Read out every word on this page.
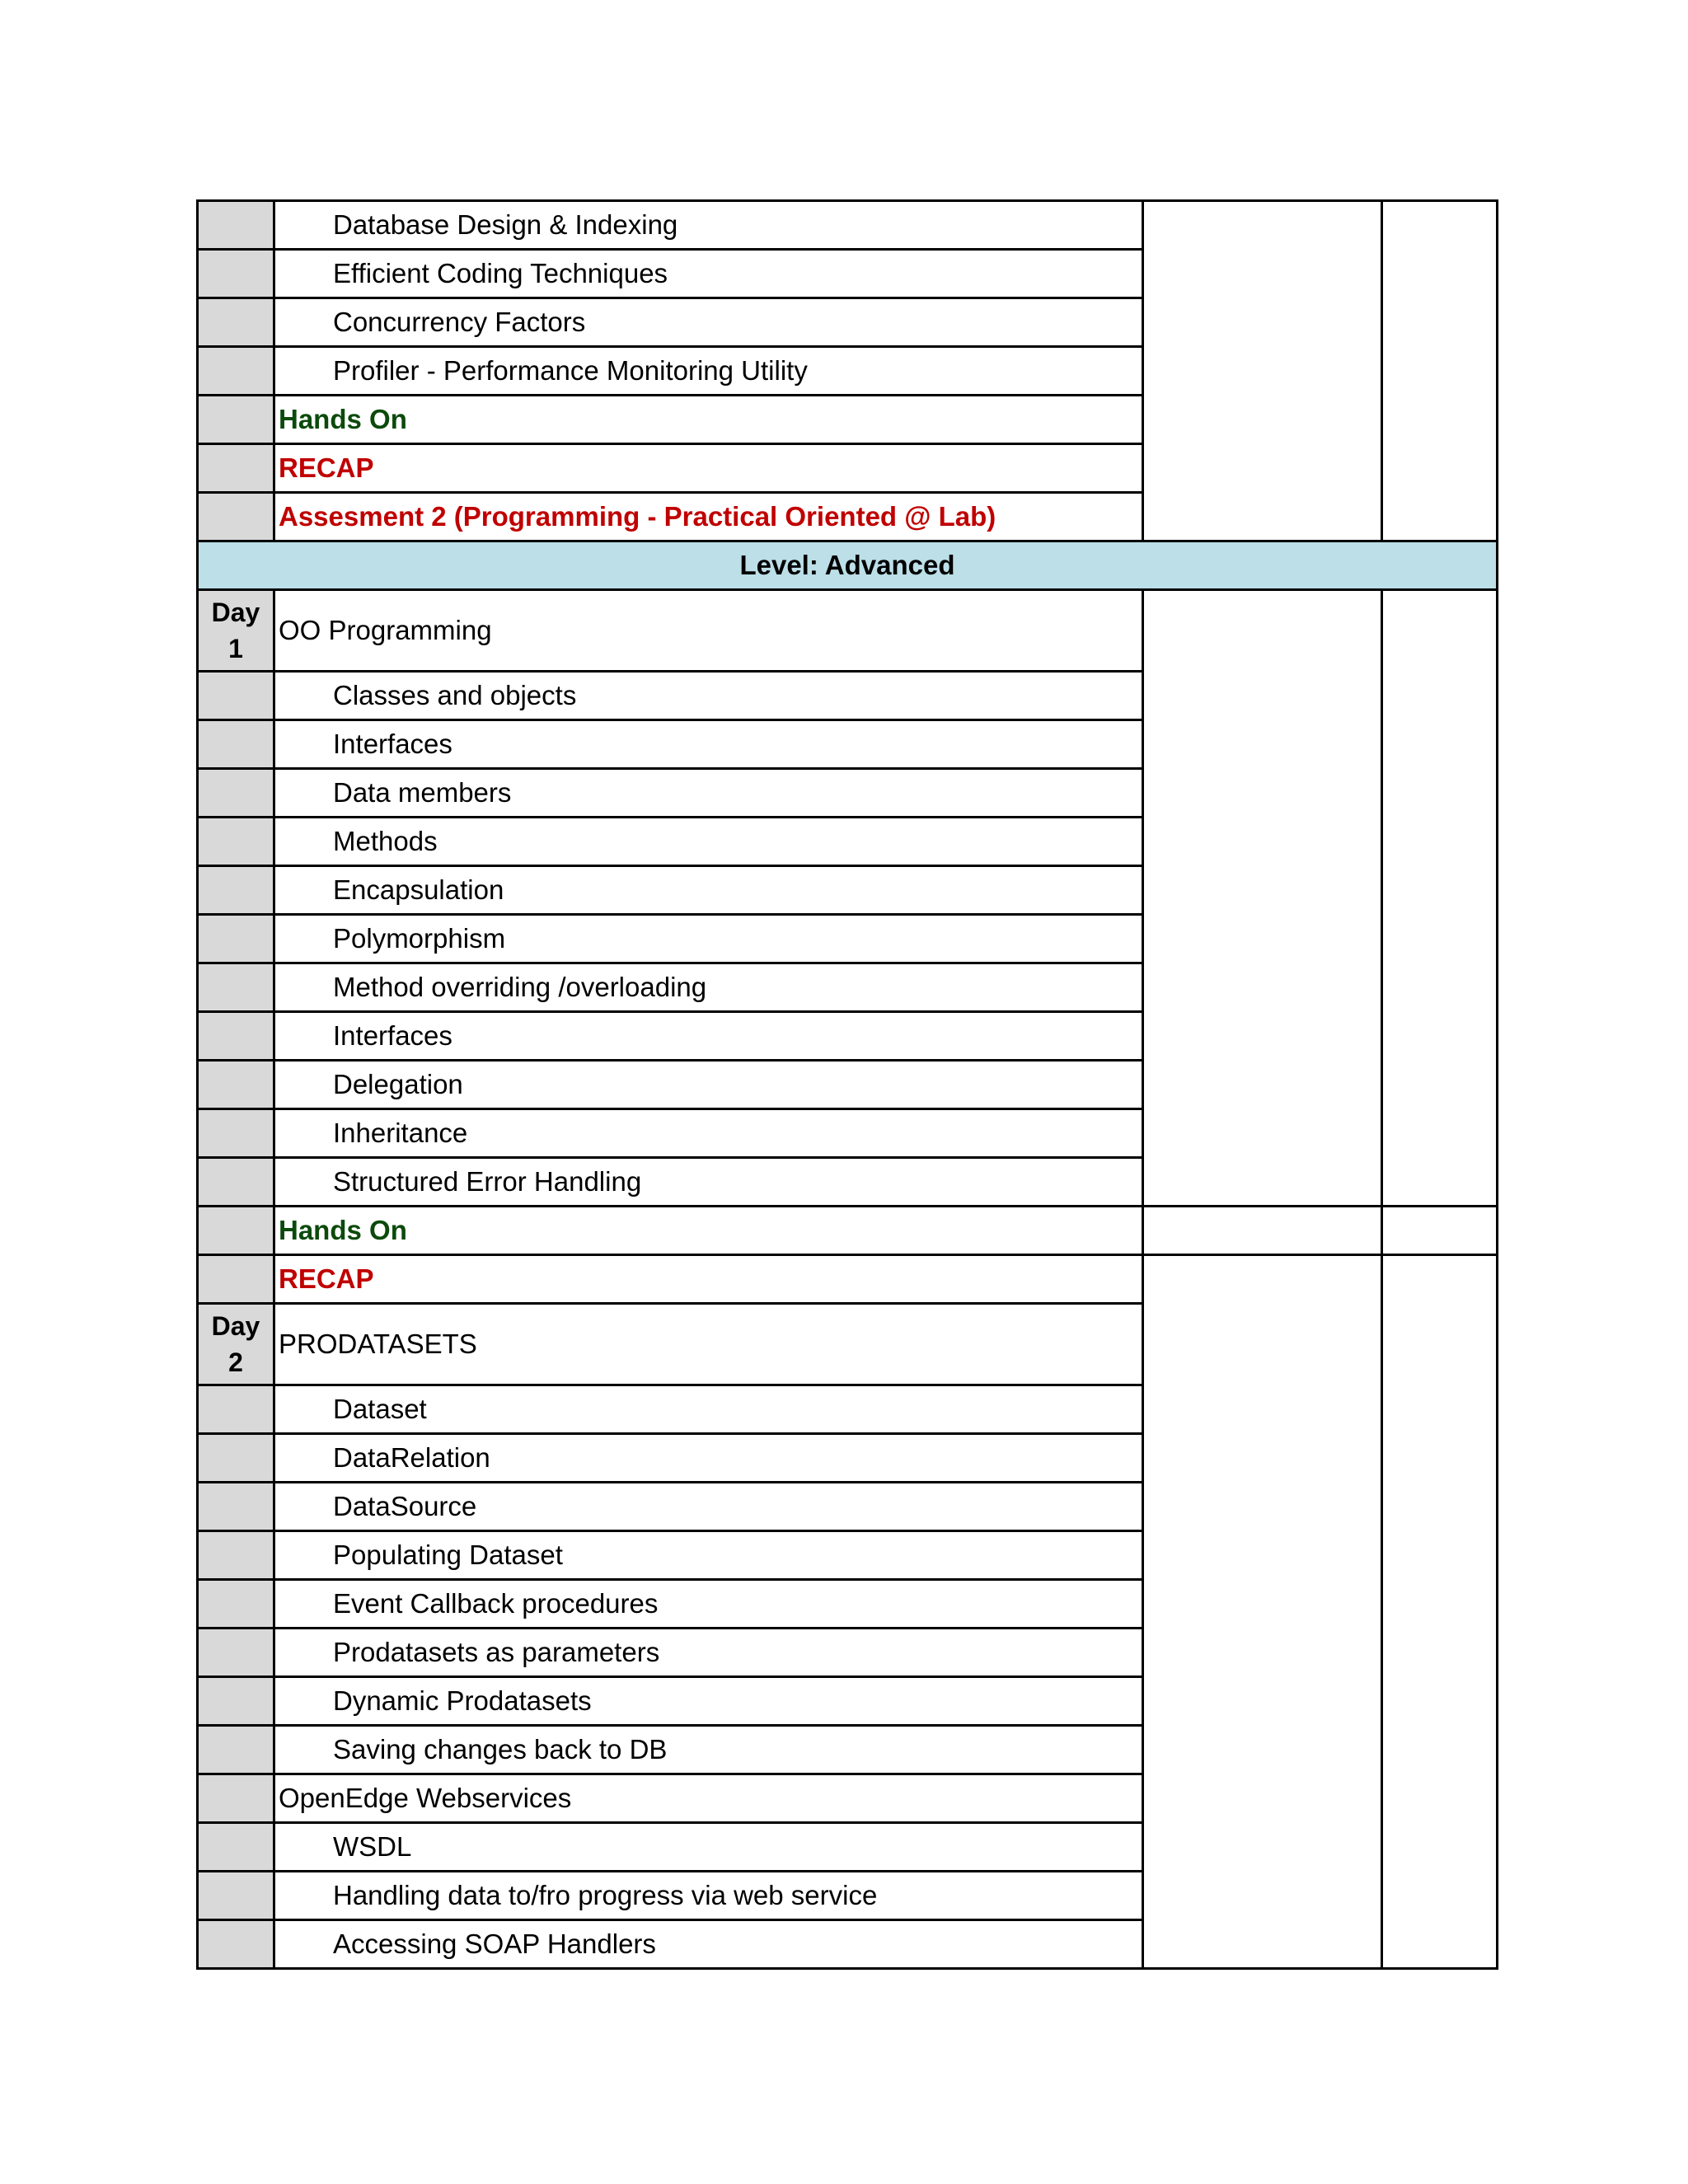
	Database Design & Indexing		
	Efficient Coding Techniques		
	Concurrency Factors		
	Profiler - Performance Monitoring Utility		
	Hands On		
	RECAP		
	Assesment 2 (Programming - Practical Oriented @ Lab)		
Level: Advanced			

Day
1	OO Programming		
	Classes and objects		
	Interfaces		
	Data members		
	Methods		
	Encapsulation		
	Polymorphism		
	Method overriding /overloading		
	Interfaces		
	Delegation		
	Inheritance		
	Structured Error Handling		
	Hands On		
	RECAP		

Day
2	PRODATASETS		
	Dataset		
	DataRelation		
	DataSource		
	Populating Dataset		
	Event Callback procedures		
	Prodatasets as parameters		
	Dynamic Prodatasets		
	Saving changes back to DB		
	OpenEdge Webservices		
	WSDL		
	Handling data to/fro progress via web service		
	Accessing SOAP Handlers		
